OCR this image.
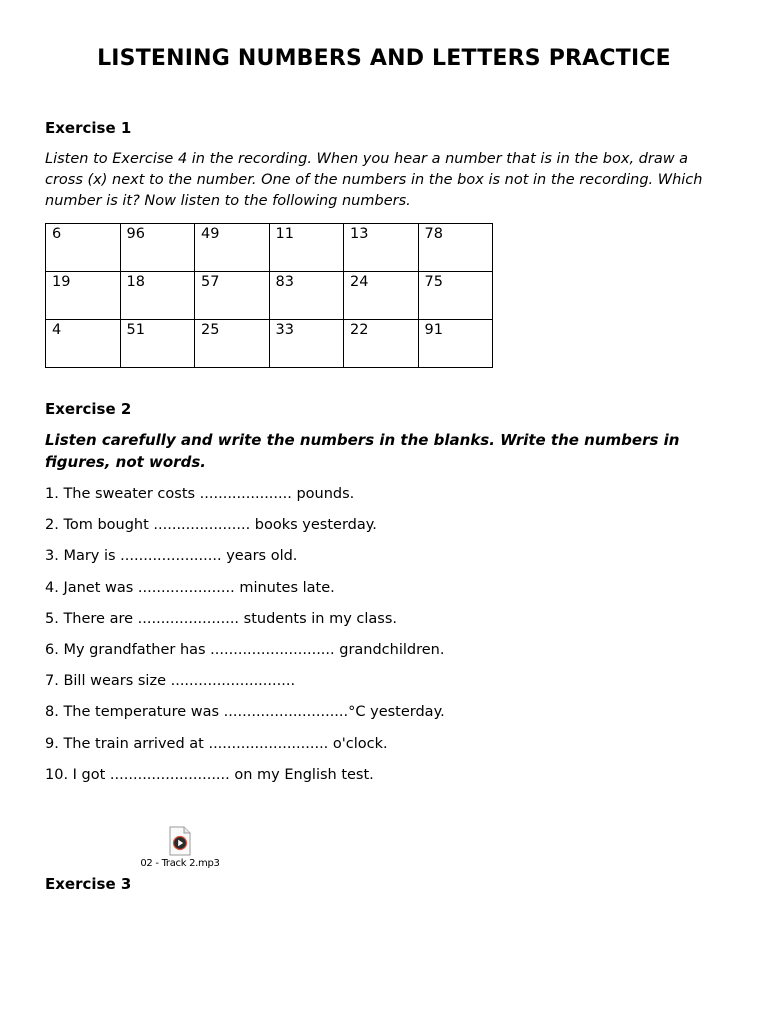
LISTENING NUMBERS AND LETTERS PRACTICE
Exercise 1
Listen to Exercise 4 in the recording. When you hear a number that is in the box, draw a cross (x) next to the number. One of the numbers in the box is not in the recording. Which number is it? Now listen to the following numbers.
6	96	49	11	13	78
19	18	57	83	24	75
4	51	25	33	22	91
Exercise 2
Listen carefully and write the numbers in the blanks. Write the numbers in figures, not words.
1. The sweater costs .................... pounds.
2. Tom bought ..................... books yesterday.
3. Mary is ...................... years old.
4. Janet was ..................... minutes late.
5. There are ...................... students in my class.
6. My grandfather has ........................... grandchildren.
7. Bill wears size ...........................
8. The temperature was ...........................°C yesterday.
9. The train arrived at .......................... o'clock.
10. I got .......................... on my English test.
02 - Track 2.mp3
Exercise 3
